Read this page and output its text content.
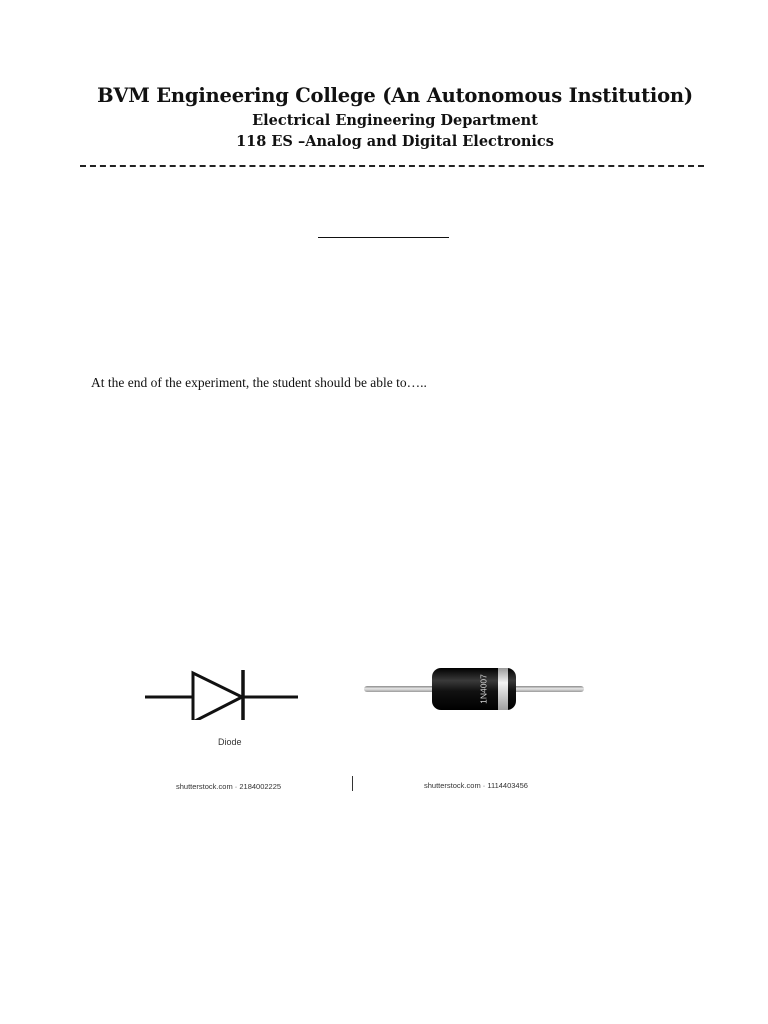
BVM Engineering College (An Autonomous Institution)
Electrical Engineering Department
118 ES –Analog and Digital Electronics
At the end of the experiment, the student should be able to…..
Diode
1N4007
shutterstock.com · 2184002225	shutterstock.com · 1114403456
